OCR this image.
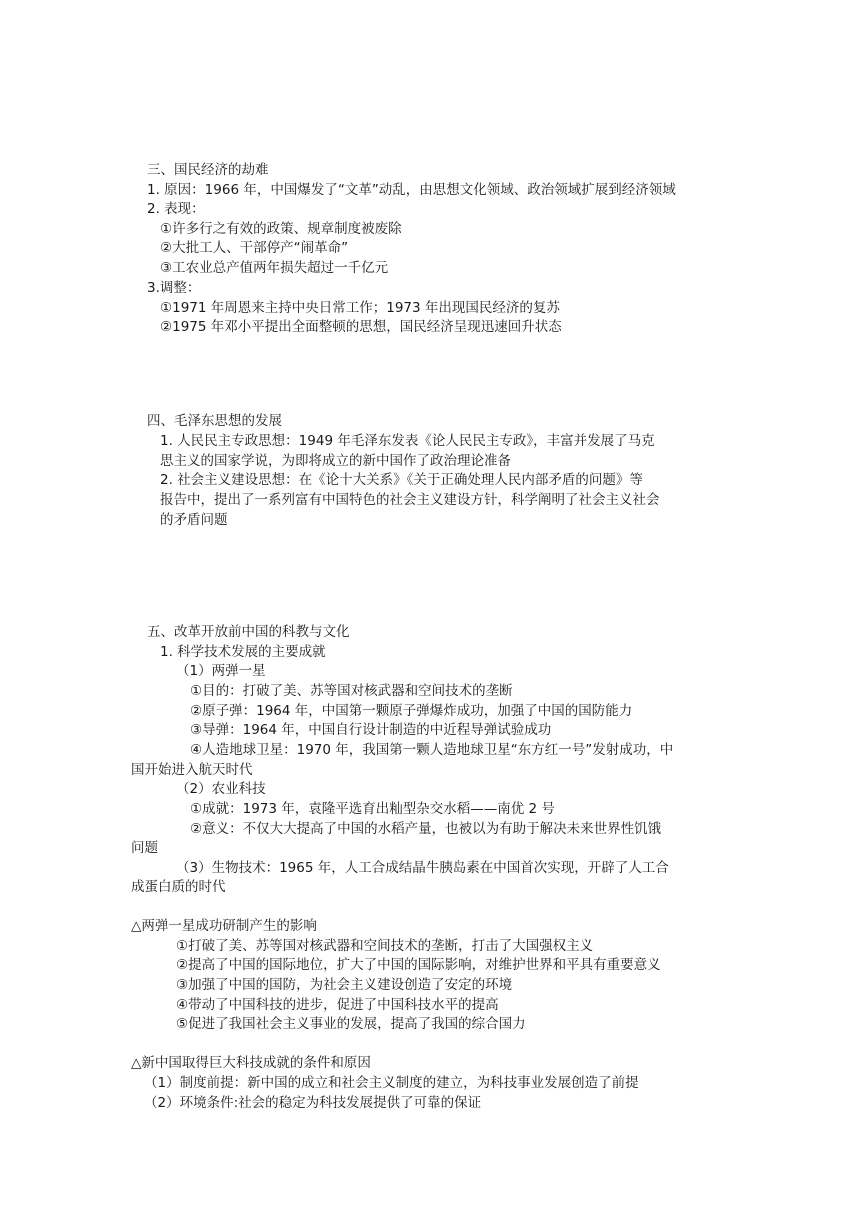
三、国民经济的劫难
1. 原因：1966 年，中国爆发了“文革”动乱，由思想文化领域、政治领域扩展到经济领域
2. 表现：
①许多行之有效的政策、规章制度被废除
②大批工人、干部停产“闹革命”
③工农业总产值两年损失超过一千亿元
3.调整：
①1971 年周恩来主持中央日常工作；1973 年出现国民经济的复苏
②1975 年邓小平提出全面整顿的思想，国民经济呈现迅速回升状态
四、毛泽东思想的发展
1. 人民民主专政思想：1949 年毛泽东发表《论人民民主专政》，丰富并发展了马克
思主义的国家学说，为即将成立的新中国作了政治理论准备
2. 社会主义建设思想：在《论十大关系》《关于正确处理人民内部矛盾的问题》等
报告中，提出了一系列富有中国特色的社会主义建设方针，科学阐明了社会主义社会
的矛盾问题
五、改革开放前中国的科教与文化
1. 科学技术发展的主要成就
（1）两弹一星
①目的：打破了美、苏等国对核武器和空间技术的垄断
②原子弹：1964 年，中国第一颗原子弹爆炸成功，加强了中国的国防能力
③导弹：1964 年，中国自行设计制造的中近程导弹试验成功
④人造地球卫星：1970 年，我国第一颗人造地球卫星“东方红一号”发射成功，中
国开始进入航天时代
（2）农业科技
①成就：1973 年，袁隆平选育出籼型杂交水稻——南优 2 号
②意义：不仅大大提高了中国的水稻产量，也被以为有助于解决未来世界性饥饿
问题
（3）生物技术：1965 年，人工合成结晶牛胰岛素在中国首次实现，开辟了人工合
成蛋白质的时代
△两弹一星成功研制产生的影响
①打破了美、苏等国对核武器和空间技术的垄断，打击了大国强权主义
②提高了中国的国际地位，扩大了中国的国际影响，对维护世界和平具有重要意义
③加强了中国的国防，为社会主义建设创造了安定的环境
④带动了中国科技的进步，促进了中国科技水平的提高
⑤促进了我国社会主义事业的发展，提高了我国的综合国力
△新中国取得巨大科技成就的条件和原因
（1）制度前提：新中国的成立和社会主义制度的建立，为科技事业发展创造了前提
（2）环境条件:社会的稳定为科技发展提供了可靠的保证
